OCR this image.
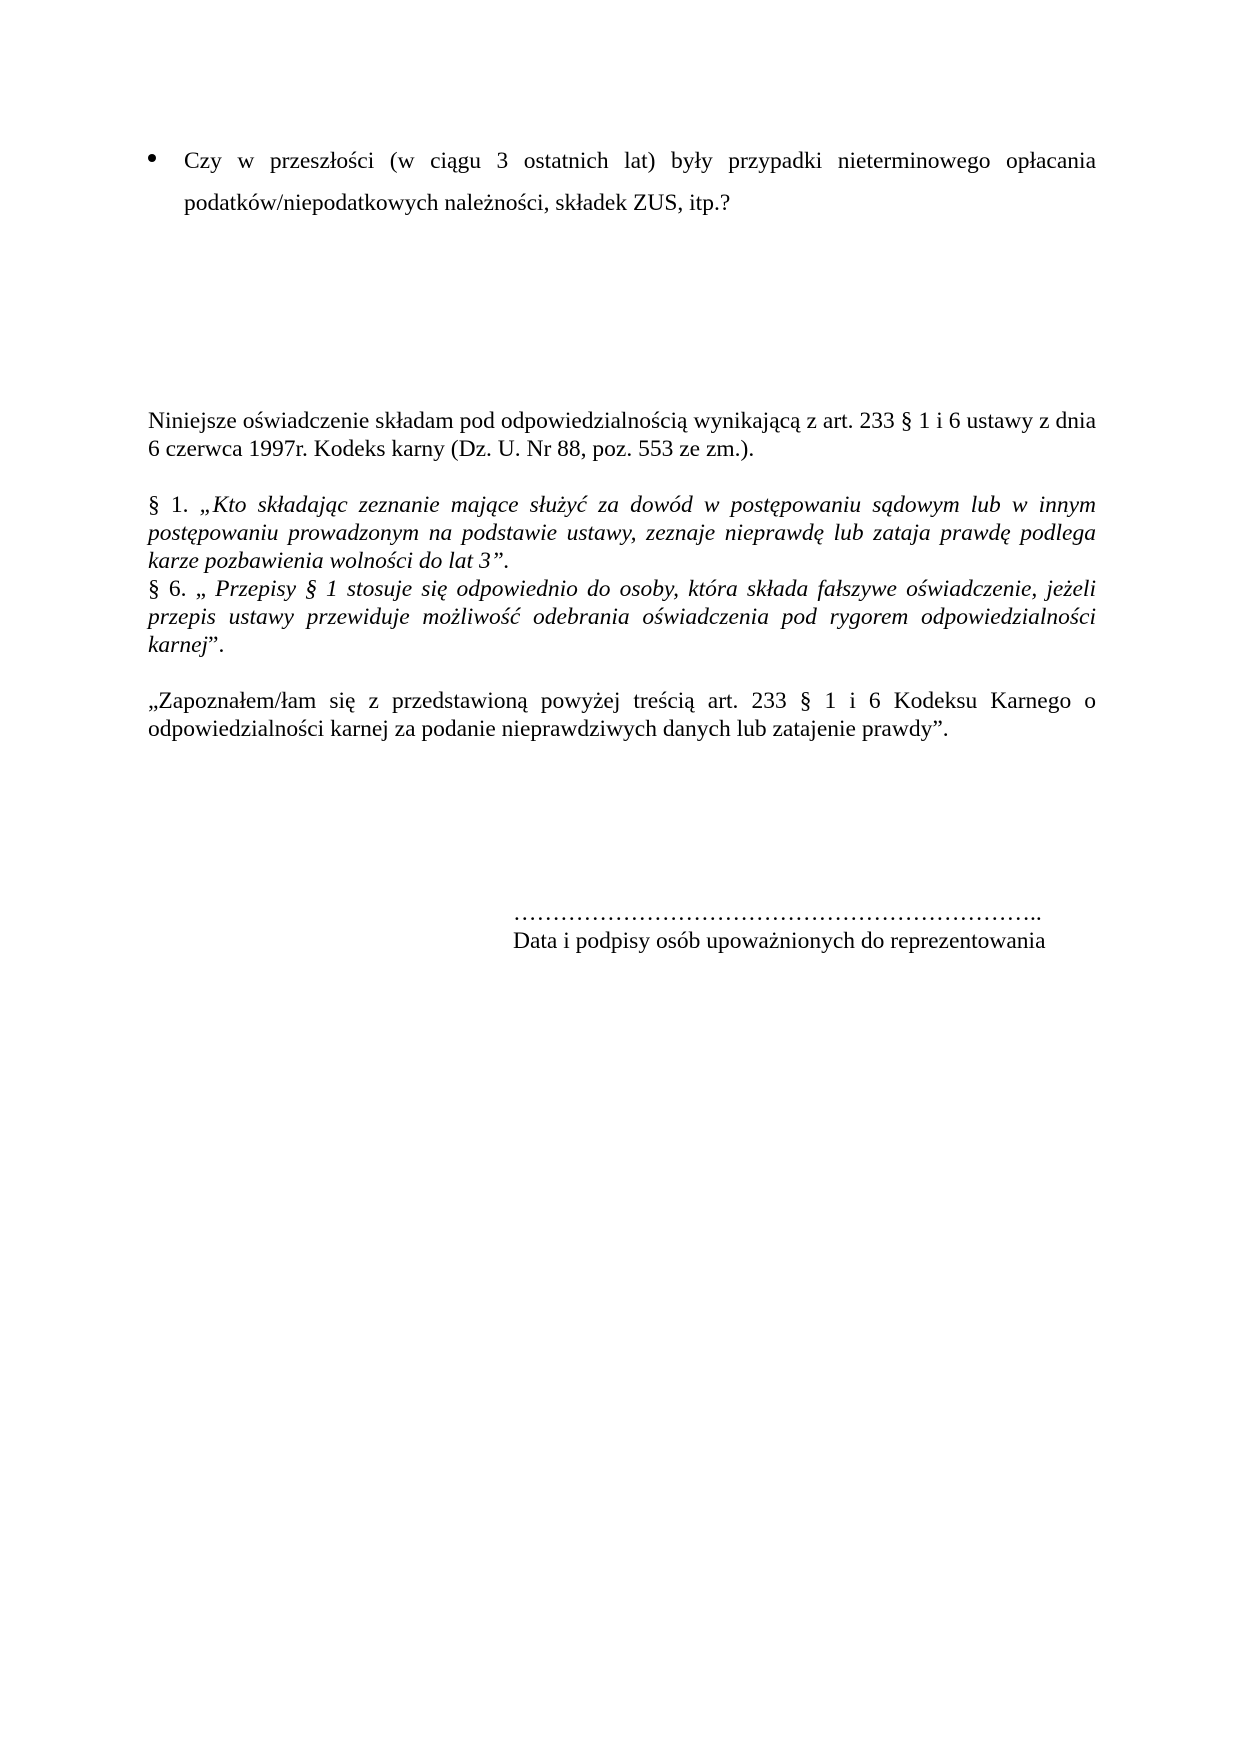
Czy w przeszłości (w ciągu 3 ostatnich lat) były przypadki nieterminowego opłacania podatków/niepodatkowych należności, składek ZUS, itp.?

Niniejsze oświadczenie składam pod odpowiedzialnością wynikającą z art. 233 § 1 i 6 ustawy z dnia 6 czerwca 1997r. Kodeks karny (Dz. U. Nr 88, poz. 553 ze zm.).

§ 1. „Kto składając zeznanie mające służyć za dowód w postępowaniu sądowym lub w innym postępowaniu prowadzonym na podstawie ustawy, zeznaje nieprawdę lub zataja prawdę podlega karze pozbawienia wolności do lat 3”.

§ 6. „ Przepisy § 1 stosuje się odpowiednio do osoby, która składa fałszywe oświadczenie, jeżeli przepis ustawy przewiduje możliwość odebrania oświadczenia pod rygorem odpowiedzialności karnej”.

„Zapoznałem/łam się z przedstawioną powyżej treścią art. 233 § 1 i 6 Kodeksu Karnego o odpowiedzialności karnej za podanie nieprawdziwych danych lub zatajenie prawdy”.

…………………………………………………………..
Data i podpisy osób upoważnionych do reprezentowania
